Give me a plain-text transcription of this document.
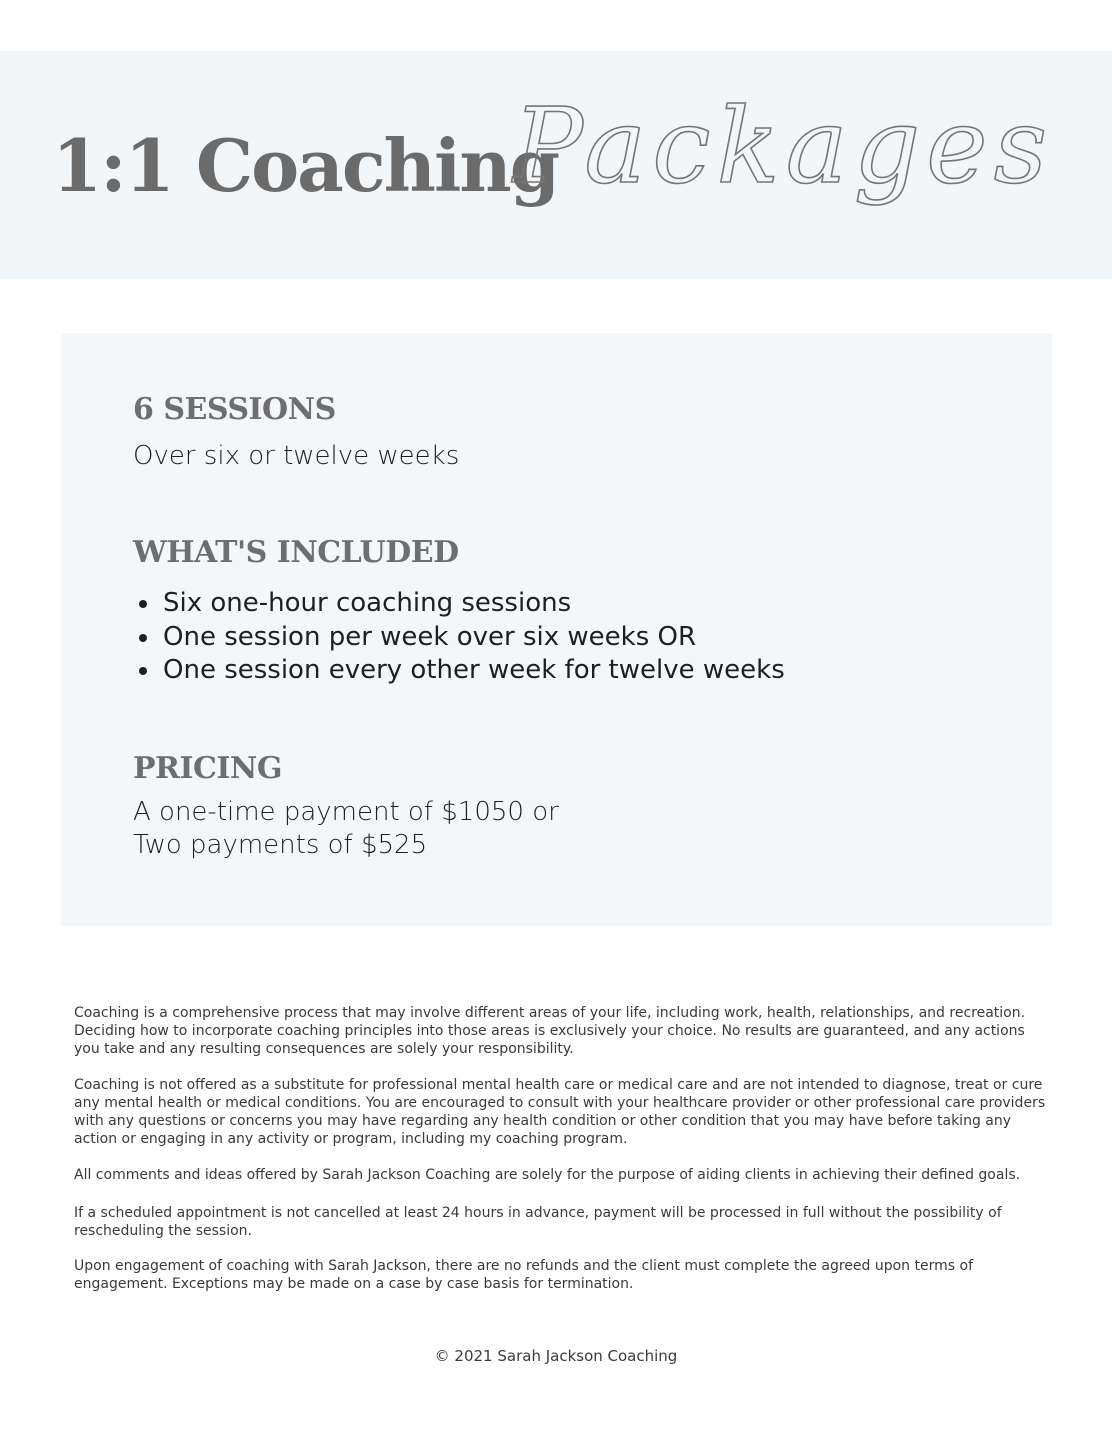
1:1 Coaching
Packages
6 SESSIONS

Over six or twelve weeks

WHAT'S INCLUDED
Six one-hour coaching sessions
One session per week over six weeks OR
One session every other week for twelve weeks
PRICING

A one-time payment of $1050 or

Two payments of $525

Coaching is a comprehensive process that may involve different areas of your life, including work, health, relationships, and recreation. Deciding how to incorporate coaching principles into those areas is exclusively your choice. No results are guaranteed, and any actions you take and any resulting consequences are solely your responsibility.

Coaching is not offered as a substitute for professional mental health care or medical care and are not intended to diagnose, treat or cure any mental health or medical conditions. You are encouraged to consult with your healthcare provider or other professional care providers with any questions or concerns you may have regarding any health condition or other condition that you may have before taking any action or engaging in any activity or program, including my coaching program.

All comments and ideas offered by Sarah Jackson Coaching are solely for the purpose of aiding clients in achieving their defined goals.

If a scheduled appointment is not cancelled at least 24 hours in advance, payment will be processed in full without the possibility of rescheduling the session.

Upon engagement of coaching with Sarah Jackson, there are no refunds and the client must complete the agreed upon terms of engagement. Exceptions may be made on a case by case basis for termination.

© 2021 Sarah Jackson Coaching
